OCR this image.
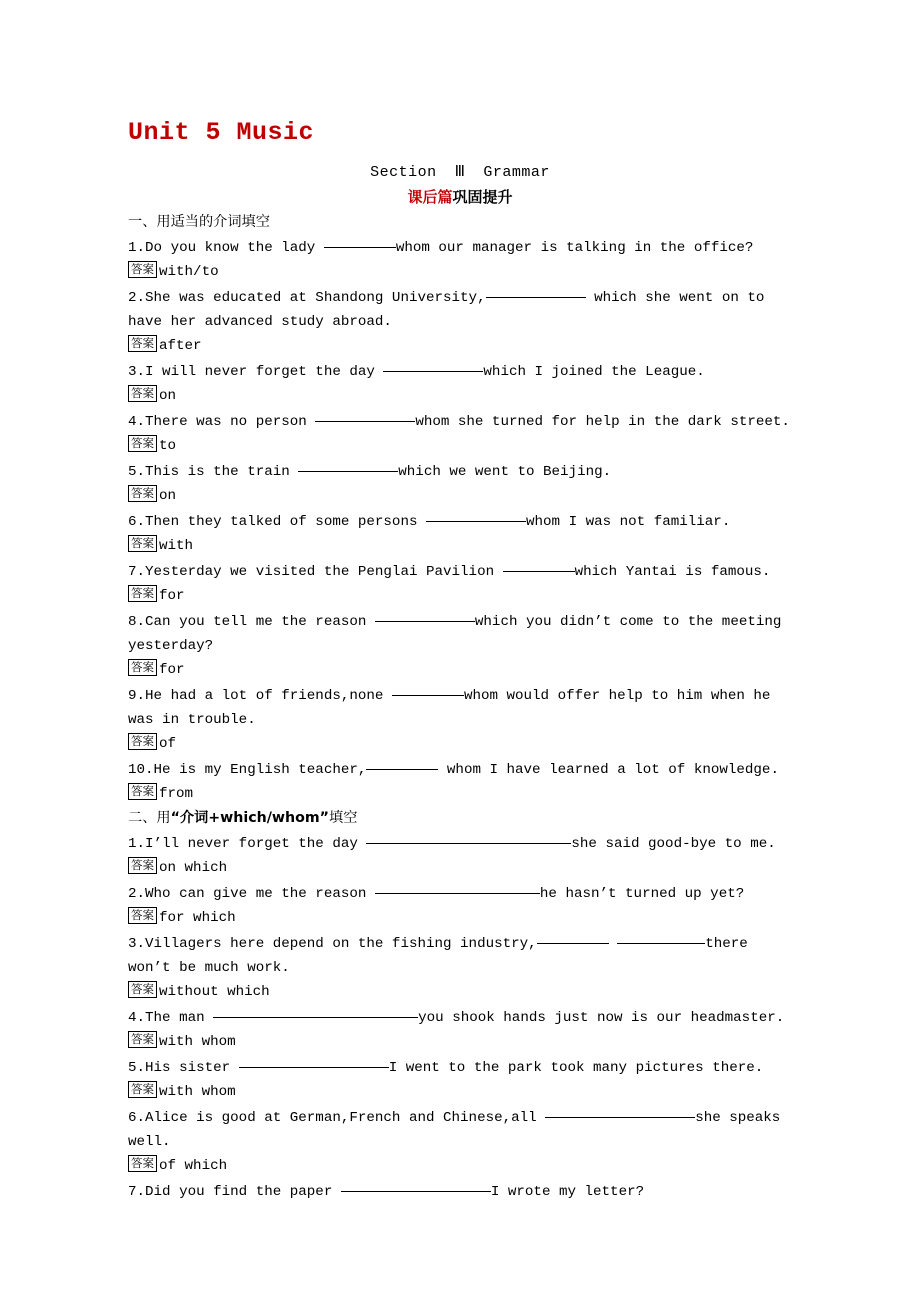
Unit 5 Music
Section Ⅲ Grammar
课后篇巩固提升
一、用适当的介词填空
1.Do you know the lady	whom our manager is talking in the office?
答案 with/to
2.She was educated at Shandong University,	which she went on to have her advanced study abroad.
答案 after
3.I will never forget the day	which I joined the League.
答案 on
4.There was no person	whom she turned for help in the dark street.
答案 to
5.This is the train	which we went to Beijing.
答案 on
6.Then they talked of some persons	whom I was not familiar.
答案 with
7.Yesterday we visited the Penglai Pavilion	which Yantai is famous.
答案 for
8.Can you tell me the reason	which you didn’t come to the meeting yesterday?
答案 for
9.He had a lot of friends,none	whom would offer help to him when he was in trouble.
答案 of
10.He is my English teacher,	whom I have learned a lot of knowledge.
答案 from
二、用“介词+which/whom”填空
1.I’ll never forget the day	she said good-bye to me.
答案 on which
2.Who can give me the reason	he hasn’t turned up yet?
答案 for which
3.Villagers here depend on the fishing industry,	there won’t be much work.
答案 without which
4.The man	you shook hands just now is our headmaster.
答案 with whom
5.His sister	I went to the park took many pictures there.
答案 with whom
6.Alice is good at German,French and Chinese,all	she speaks well.
答案 of which
7.Did you find the paper	I wrote my letter?
